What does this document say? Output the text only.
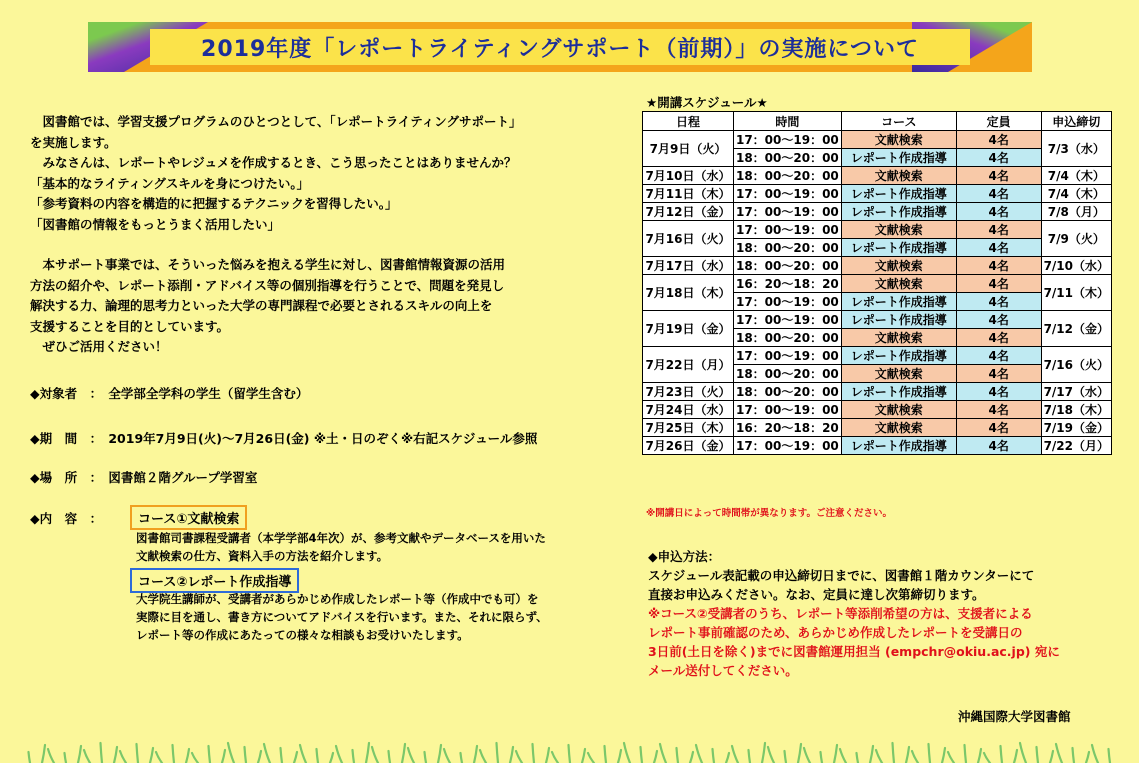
2019年度「レポートライティングサポート（前期）」の実施について

　図書館では、学習支援プログラムのひとつとして、「レポートライティングサポート」

を実施します。

　みなさんは、レポートやレジュメを作成するとき、こう思ったことはありませんか？

「基本的なライティングスキルを身につけたい。」

「参考資料の内容を構造的に把握するテクニックを習得したい。」

「図書館の情報をもっとうまく活用したい」

　本サポート事業では、そういった悩みを抱える学生に対し、図書館情報資源の活用

方法の紹介や、レポート添削・アドバイス等の個別指導を行うことで、問題を発見し

解決する力、論理的思考力といった大学の専門課程で必要とされるスキルの向上を

支援することを目的としています。

　ぜひご活用ください！

◆対象者　：　全学部全学科の学生（留学生含む）
◆期　間　：　2019年7月9日(火)～7月26日(金) ※土・日のぞく※右記スケジュール参照
◆場　所　：　図書館２階グループ学習室
◆内　容　：	コース①文献検索

図書館司書課程受講者（本学学部4年次）が、参考文献やデータベースを用いた

文献検索の仕方、資料入手の方法を紹介します。

コース②レポート作成指導

大学院生講師が、受講者があらかじめ作成したレポート等（作成中でも可）を

実際に目を通し、書き方についてアドバイスを行います。また、それに限らず、

レポート等の作成にあたっての様々な相談もお受けいたします。

★開講スケジュール★
日程	時間	コース	定員	申込締切
7月9日（火）	17：00～19：00	文献検索	4名	7/3（水）
	18：00～20：00	レポート作成指導	4名	
7月10日（水）	18：00～20：00	文献検索	4名	7/4（木）
7月11日（木）	17：00～19：00	レポート作成指導	4名	7/4（木）
7月12日（金）	17：00～19：00	レポート作成指導	4名	7/8（月）
7月16日（火）	17：00～19：00	文献検索	4名	7/9（火）
	18：00～20：00	レポート作成指導	4名	
7月17日（水）	18：00～20：00	文献検索	4名	7/10（水）
7月18日（木）	16：20～18：20	文献検索	4名	7/11（木）
	17：00～19：00	レポート作成指導	4名	
7月19日（金）	17：00～19：00	レポート作成指導	4名	7/12（金）
	18：00～20：00	文献検索	4名	
7月22日（月）	17：00～19：00	レポート作成指導	4名	7/16（火）
	18：00～20：00	文献検索	4名	
7月23日（火）	18：00～20：00	レポート作成指導	4名	7/17（水）
7月24日（水）	17：00～19：00	文献検索	4名	7/18（木）
7月25日（木）	16：20～18：20	文献検索	4名	7/19（金）
7月26日（金）	17：00～19：00	レポート作成指導	4名	7/22（月）
※開講日によって時間帯が異なります。ご注意ください。

◆申込方法：

スケジュール表記載の申込締切日までに、図書館１階カウンターにて

直接お申込みください。なお、定員に達し次第締切ります。

※コース②受講者のうち、レポート等添削希望の方は、支援者による

レポート事前確認のため、あらかじめ作成したレポートを受講日の

3日前(土日を除く)までに図書館運用担当 (empchr@okiu.ac.jp) 宛に

メール送付してください。

沖縄国際大学図書館
